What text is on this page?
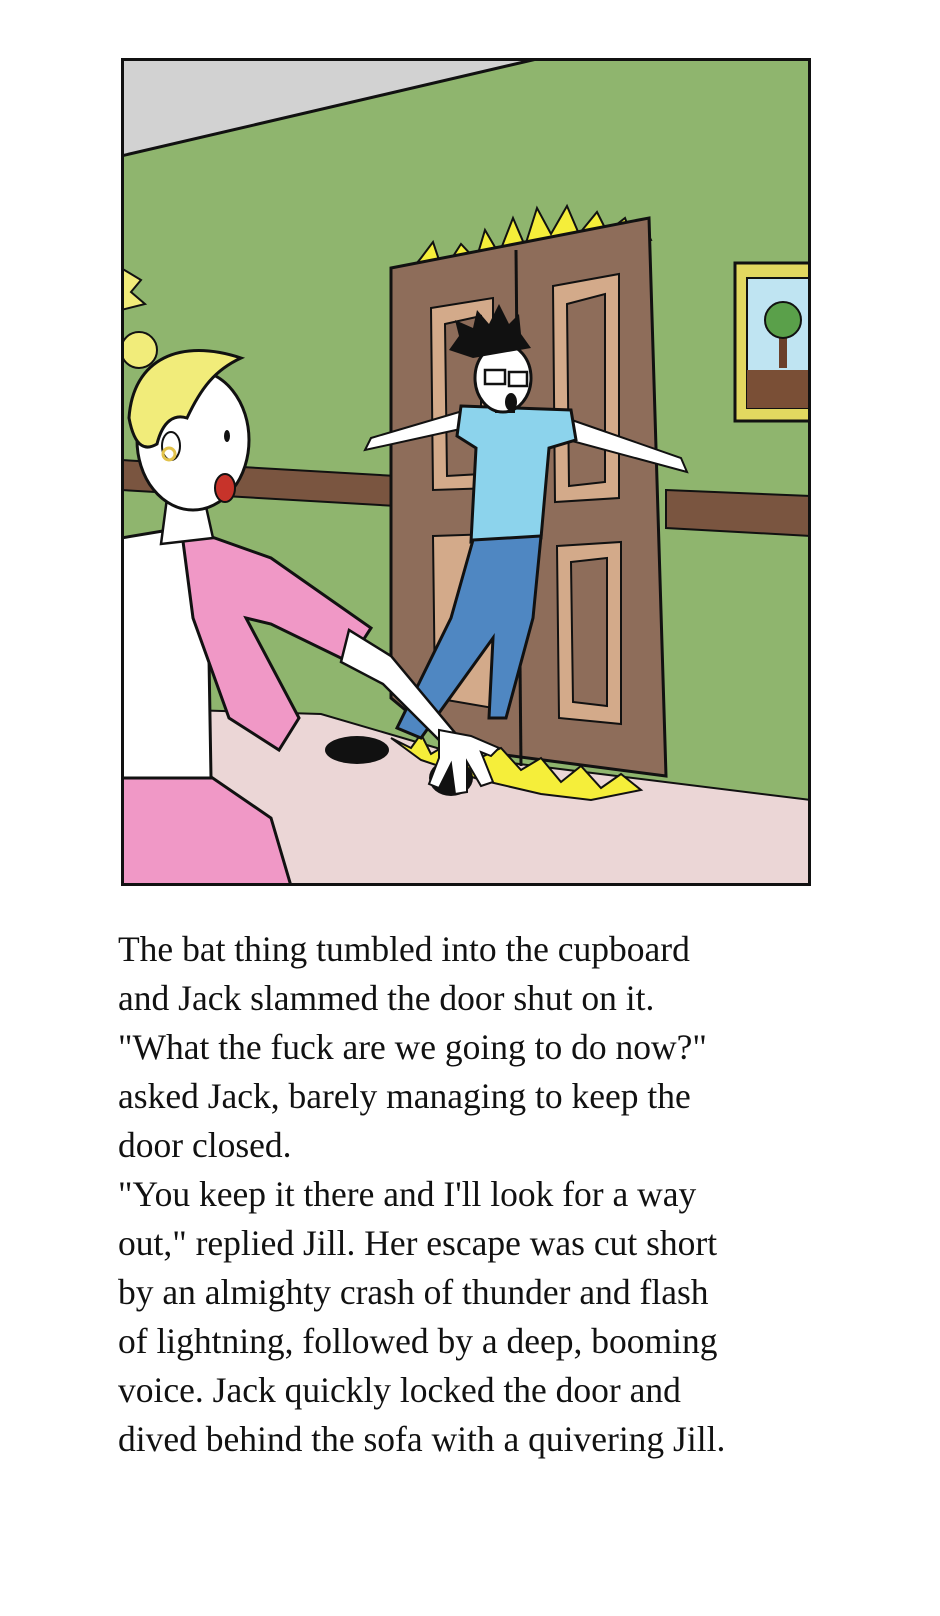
The bat thing tumbled into the cupboard
and Jack slammed the door shut on it.
"What the fuck are we going to do now?"
asked Jack, barely managing to keep the
door closed.
"You keep it there and I'll look for a way
out," replied Jill. Her escape was cut short
by an almighty crash of thunder and flash
of lightning, followed by a deep, booming
voice. Jack quickly locked the door and
dived behind the sofa with a quivering Jill.
